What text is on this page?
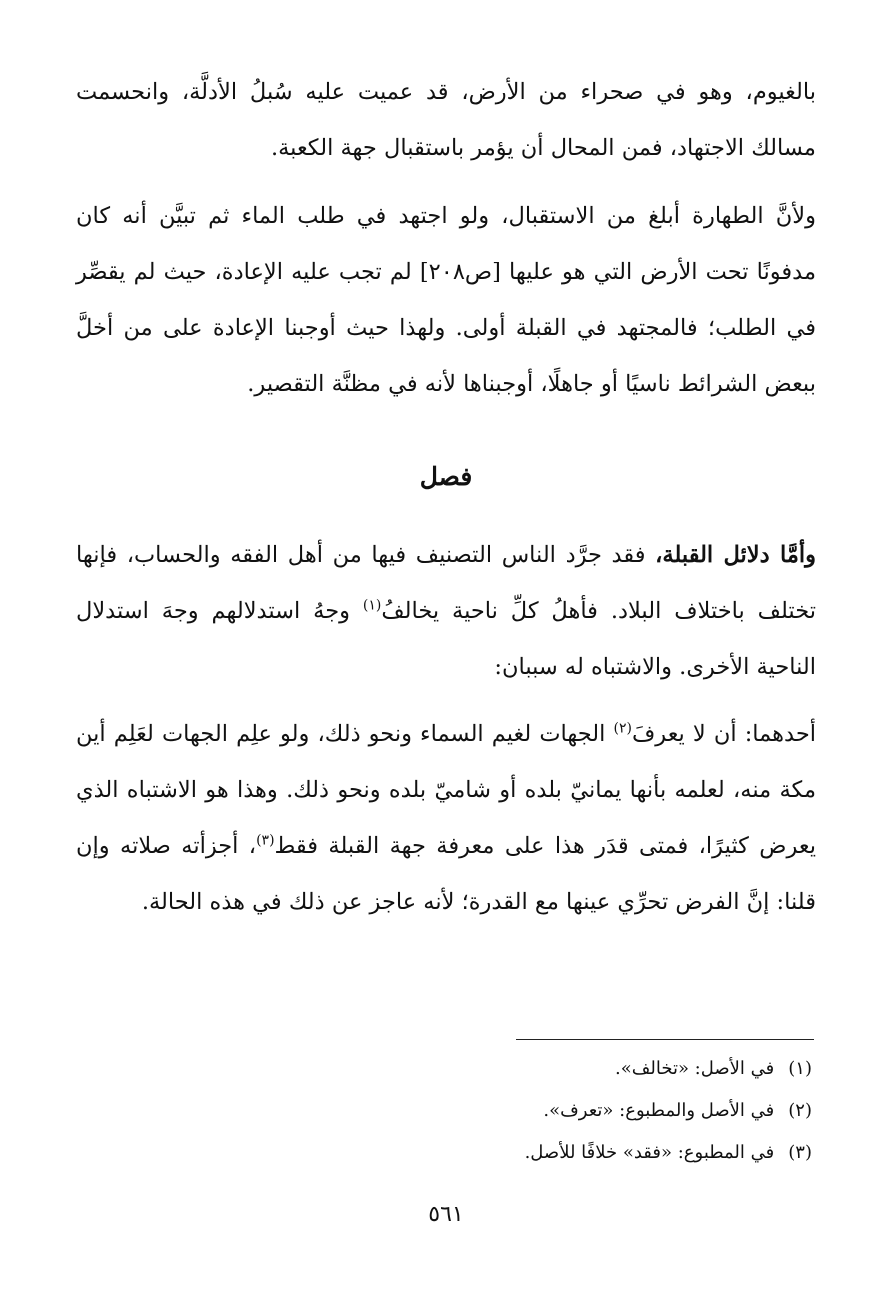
بالغيوم، وهو في صحراء من الأرض، قد عميت عليه سُبلُ الأدلَّة، وانحسمت مسالك الاجتهاد، فمن المحال أن يؤمر باستقبال جهة الكعبة.

ولأنَّ الطهارة أبلغ من الاستقبال، ولو اجتهد في طلب الماء ثم تبيَّن أنه كان مدفونًا تحت الأرض التي هو عليها [ص٢٠٨] لم تجب عليه الإعادة، حيث لم يقصِّر في الطلب؛ فالمجتهد في القبلة أولى. ولهذا حيث أوجبنا الإعادة على من أخلَّ ببعض الشرائط ناسيًا أو جاهلًا، أوجبناها لأنه في مظنَّة التقصير.

فصل

وأمَّا دلائل القبلة، فقد جرَّد الناس التصنيف فيها من أهل الفقه والحساب، فإنها تختلف باختلاف البلاد. فأهلُ كلِّ ناحية يخالفُ$^{(١)}$ وجهُ استدلالهم وجهَ استدلال الناحية الأخرى. والاشتباه له سببان:

أحدهما: أن لا يعرفَ$^{(٢)}$ الجهات لغيم السماء ونحو ذلك، ولو علِم الجهات لعَلِم أين مكة منه، لعلمه بأنها يمانيّ بلده أو شاميّ بلده ونحو ذلك. وهذا هو الاشتباه الذي يعرض كثيرًا، فمتى قدَر هذا على معرفة جهة القبلة فقط$^{(٣)}$، أجزأته صلاته وإن قلنا: إنَّ الفرض تحرِّي عينها مع القدرة؛ لأنه عاجز عن ذلك في هذه الحالة.

(١)في الأصل: «تخالف».

(٢)في الأصل والمطبوع: «تعرف».

(٣)في المطبوع: «فقد» خلافًا للأصل.

٥٦١
